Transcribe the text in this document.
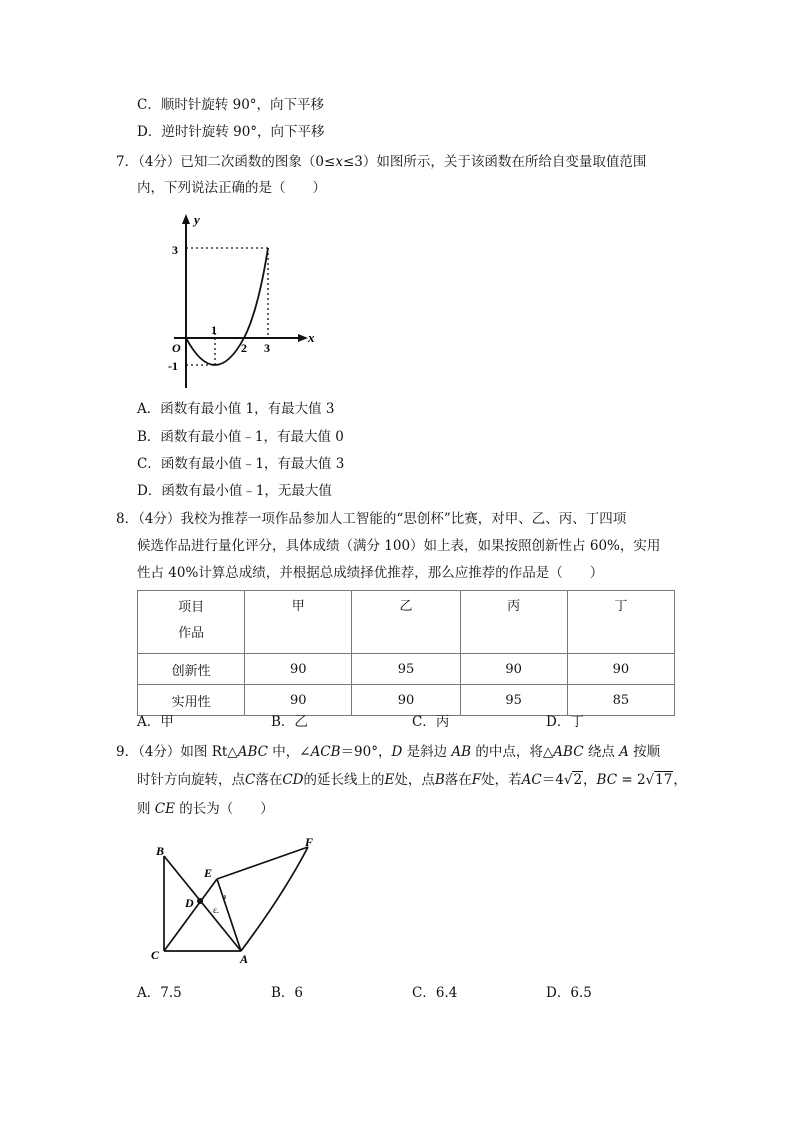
C．顺时针旋转 90°，向下平移
D．逆时针旋转 90°，向下平移
7．（4分）已知二次函数的图象（0≤x≤3）如图所示，关于该函数在所给自变量取值范围
内，下列说法正确的是（　　）
y
x
O
3
-1
1
2 3
A．函数有最小值 1，有最大值 3
B．函数有最小值﹣1，有最大值 0
C．函数有最小值﹣1，有最大值 3
D．函数有最小值﹣1，无最大值
8．（4分）我校为推荐一项作品参加人工智能的“思创杯”比赛，对甲、乙、丙、丁四项
候选作品进行量化评分，具体成绩（满分 100）如上表，如果按照创新性占 60%，实用
性占 40%计算总成绩，并根据总成绩择优推荐，那么应推荐的作品是（　　）
项目
作品	甲	乙	丙	丁
创新性	90	95	90	90
实用性	90	90	95	85
A．甲	B．乙	C．丙	D．丁
9．（4分）如图 Rt△ABC 中，∠ACB＝90°，D 是斜边 AB 的中点，将△ABC 绕点 A 按顺
时针方向旋转，点C落在CD的延长线上的E处，点B落在F处，若AC＝4√2，BC = 2√17，
则 CE 的长为（　　）
B
E
F
D ε.
C	A
A．7.5	B．6	C．6.4	D．6.5
